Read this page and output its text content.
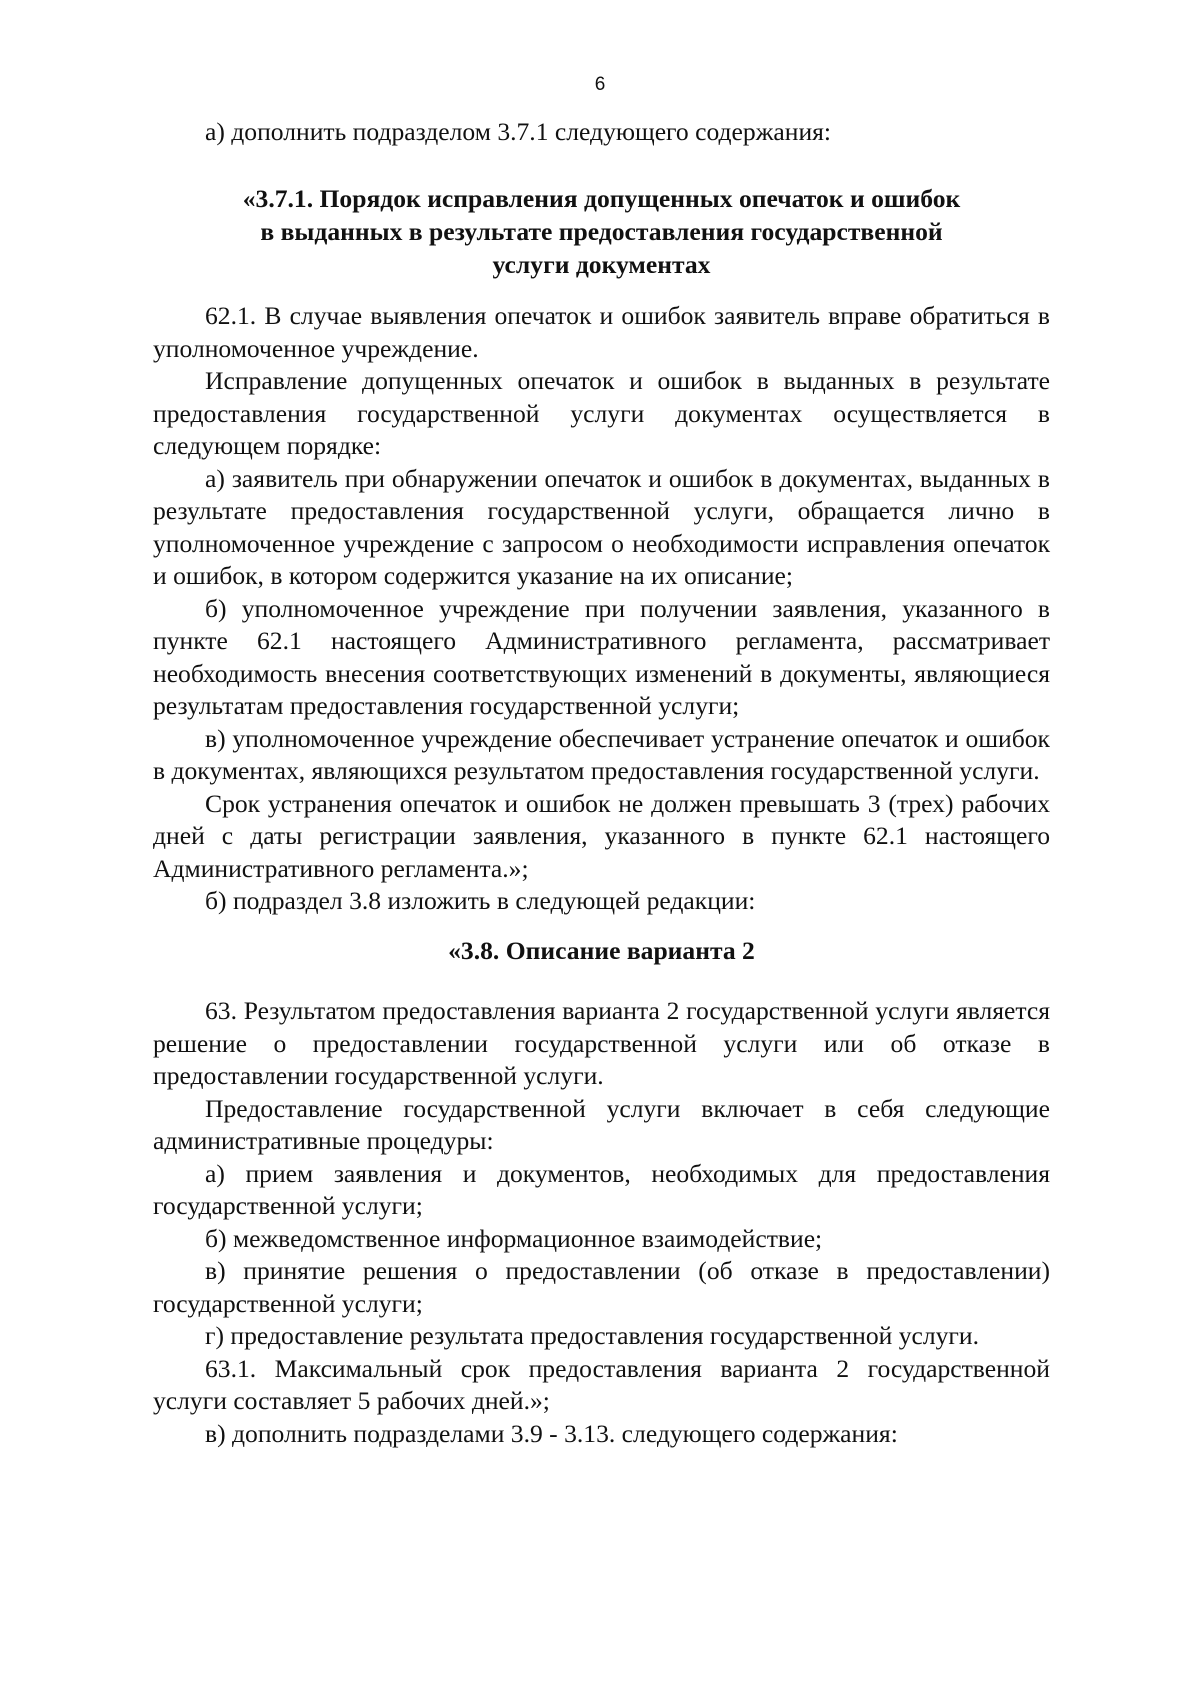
6

а) дополнить подразделом 3.7.1 следующего содержания:

«3.7.1. Порядок исправления допущенных опечаток и ошибок

в выданных в результате предоставления государственной

услуги документах

62.1. В случае выявления опечаток и ошибок заявитель вправе обратиться в уполномоченное учреждение.

Исправление допущенных опечаток и ошибок в выданных в результате предоставления государственной услуги документах осуществляется в следующем порядке:

а) заявитель при обнаружении опечаток и ошибок в документах, выданных в результате предоставления государственной услуги, обращается лично в уполномоченное учреждение с запросом о необходимости исправления опечаток и ошибок, в котором содержится указание на их описание;

б) уполномоченное учреждение при получении заявления, указанного в пункте 62.1 настоящего Административного регламента, рассматривает необходимость внесения соответствующих изменений в документы, являющиеся результатам предоставления государственной услуги;

в) уполномоченное учреждение обеспечивает устранение опечаток и ошибок в документах, являющихся результатом предоставления государственной услуги.

Срок устранения опечаток и ошибок не должен превышать 3 (трех) рабочих дней с даты регистрации заявления, указанного в пункте 62.1 настоящего Административного регламента.»;

б) подраздел 3.8 изложить в следующей редакции:

«3.8. Описание варианта 2

63. Результатом предоставления варианта 2 государственной услуги является решение о предоставлении государственной услуги или об отказе в предоставлении государственной услуги.

Предоставление государственной услуги включает в себя следующие административные процедуры:

а) прием заявления и документов, необходимых для предоставления государственной услуги;

б) межведомственное информационное взаимодействие;

в) принятие решения о предоставлении (об отказе в предоставлении) государственной услуги;

г) предоставление результата предоставления государственной услуги.

63.1. Максимальный срок предоставления варианта 2 государственной услуги составляет 5 рабочих дней.»;

в) дополнить подразделами 3.9 - 3.13. следующего содержания:
